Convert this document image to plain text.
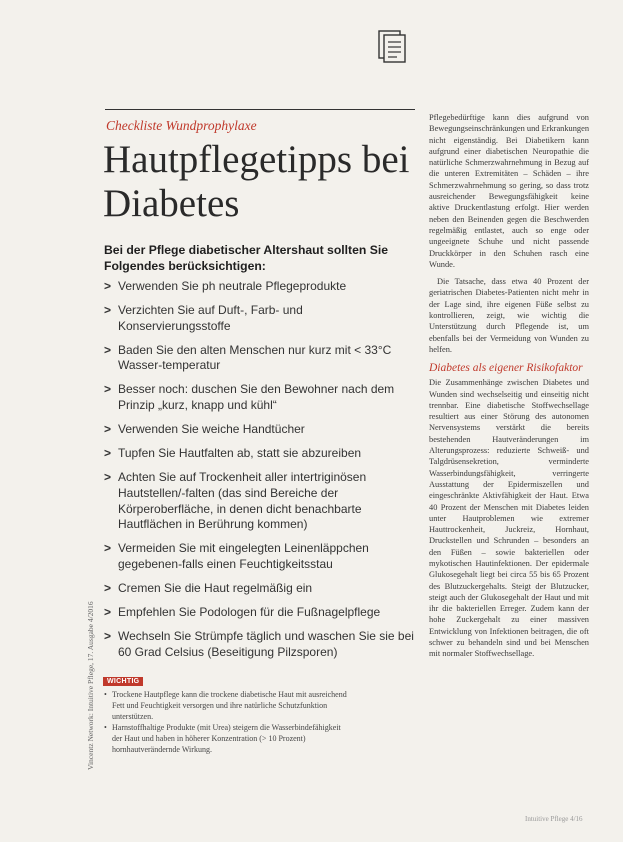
Checkliste Wundprophylaxe
Hautpflegetipps bei Diabetes
Bei der Pflege diabetischer Altershaut sollten Sie Folgendes berücksichtigen:
> Verwenden Sie ph neutrale Pflegeprodukte
> Verzichten Sie auf Duft-, Farb- und Konservierungsstoffe
> Baden Sie den alten Menschen nur kurz mit < 33°C Wasser-temperatur
> Besser noch: duschen Sie den Bewohner nach dem Prinzip „kurz, knapp und kühl“
> Verwenden Sie weiche Handtücher
> Tupfen Sie Hautfalten ab, statt sie abzureiben
> Achten Sie auf Trockenheit aller intertriginösen Hautstellen/-falten (das sind Bereiche der Körperoberfläche, in denen dicht benachbarte Hautflächen in Berührung kommen)
> Vermeiden Sie mit eingelegten Leinenläppchen gegebenen-falls einen Feuchtigkeitsstau
> Cremen Sie die Haut regelmäßig ein
> Empfehlen Sie Podologen für die Fußnagelpflege
> Wechseln Sie Strümpfe täglich und waschen Sie sie bei 60 Grad Celsius (Beseitigung Pilzsporen)
Vincentz Network: Intuitive Pflege, 17. Ausgabe 4/2016	WICHTIG
• Trockene Hautpflege kann die trockene diabetische Haut mit ausreichend Fett und Feuchtigkeit versorgen und ihre natürliche Schutzfunktion unterstützen.
• Harnstoffhaltige Produkte (mit Urea) steigern die Wasserbindefähigkeit der Haut und haben in höherer Konzentration (> 10 Prozent) hornhautverändernde Wirkung.

Pflegebedürftige kann dies aufgrund von Bewegungseinschränkungen und Erkrankungen nicht eigenständig. Bei Diabetikern kann aufgrund einer diabetischen Neuropathie die natürliche Schmerzwahrnehmung in Bezug auf die unteren Extremitäten – Schäden – ihre Schmerzwahrnehmung so gering, so dass trotz ausreichender Bewegungsfähigkeit keine aktive Druckentlastung erfolgt. Hier werden neben den Beinenden gegen die Beschwerden regelmäßig entlastet, auch so enge oder ungeeignete Schuhe und nicht passende Druckkörper in den Schuhen rasch eine Wunde.

Die Tatsache, dass etwa 40 Prozent der geriatrischen Diabetes-Patienten nicht mehr in der Lage sind, ihre eigenen Füße selbst zu kontrollieren, zeigt, wie wichtig die Unterstützung durch Pflegende ist, um ebenfalls bei der Vermeidung von Wunden zu helfen.

Diabetes als eigener Risikofaktor

Die Zusammenhänge zwischen Diabetes und Wunden sind wechselseitig und einseitig nicht trennbar. Eine diabetische Stoffwechsellage resultiert aus einer Störung des autonomen Nervensystems verstärkt die bereits bestehenden Hautveränderungen im Alterungsprozess: reduzierte Schweiß- und Talgdrüsensekretion, verminderte Wasserbindungsfähigkeit, verringerte Ausstattung der Epidermiszellen und eingeschränkte Aktivfähigkeit der Haut. Etwa 40 Prozent der Menschen mit Diabetes leiden unter Hautproblemen wie extremer Hauttrockenheit, Juckreiz, Hornhaut, Druckstellen und Schrunden – besonders an den Füßen – sowie bakteriellen oder mykotischen Hautinfektionen. Der epidermale Glukosegehalt liegt bei circa 55 bis 65 Prozent des Blutzuckergehalts. Steigt der Blutzucker, steigt auch der Glukosegehalt der Haut und mit ihr die bakteriellen Erreger. Zudem kann der hohe Zuckergehalt zu einer massiven Entwicklung von Infektionen beitragen, die oft schwer zu behandeln sind und bei Menschen mit normaler Stoffwechsellage.

Intuitive Pflege 4/16
